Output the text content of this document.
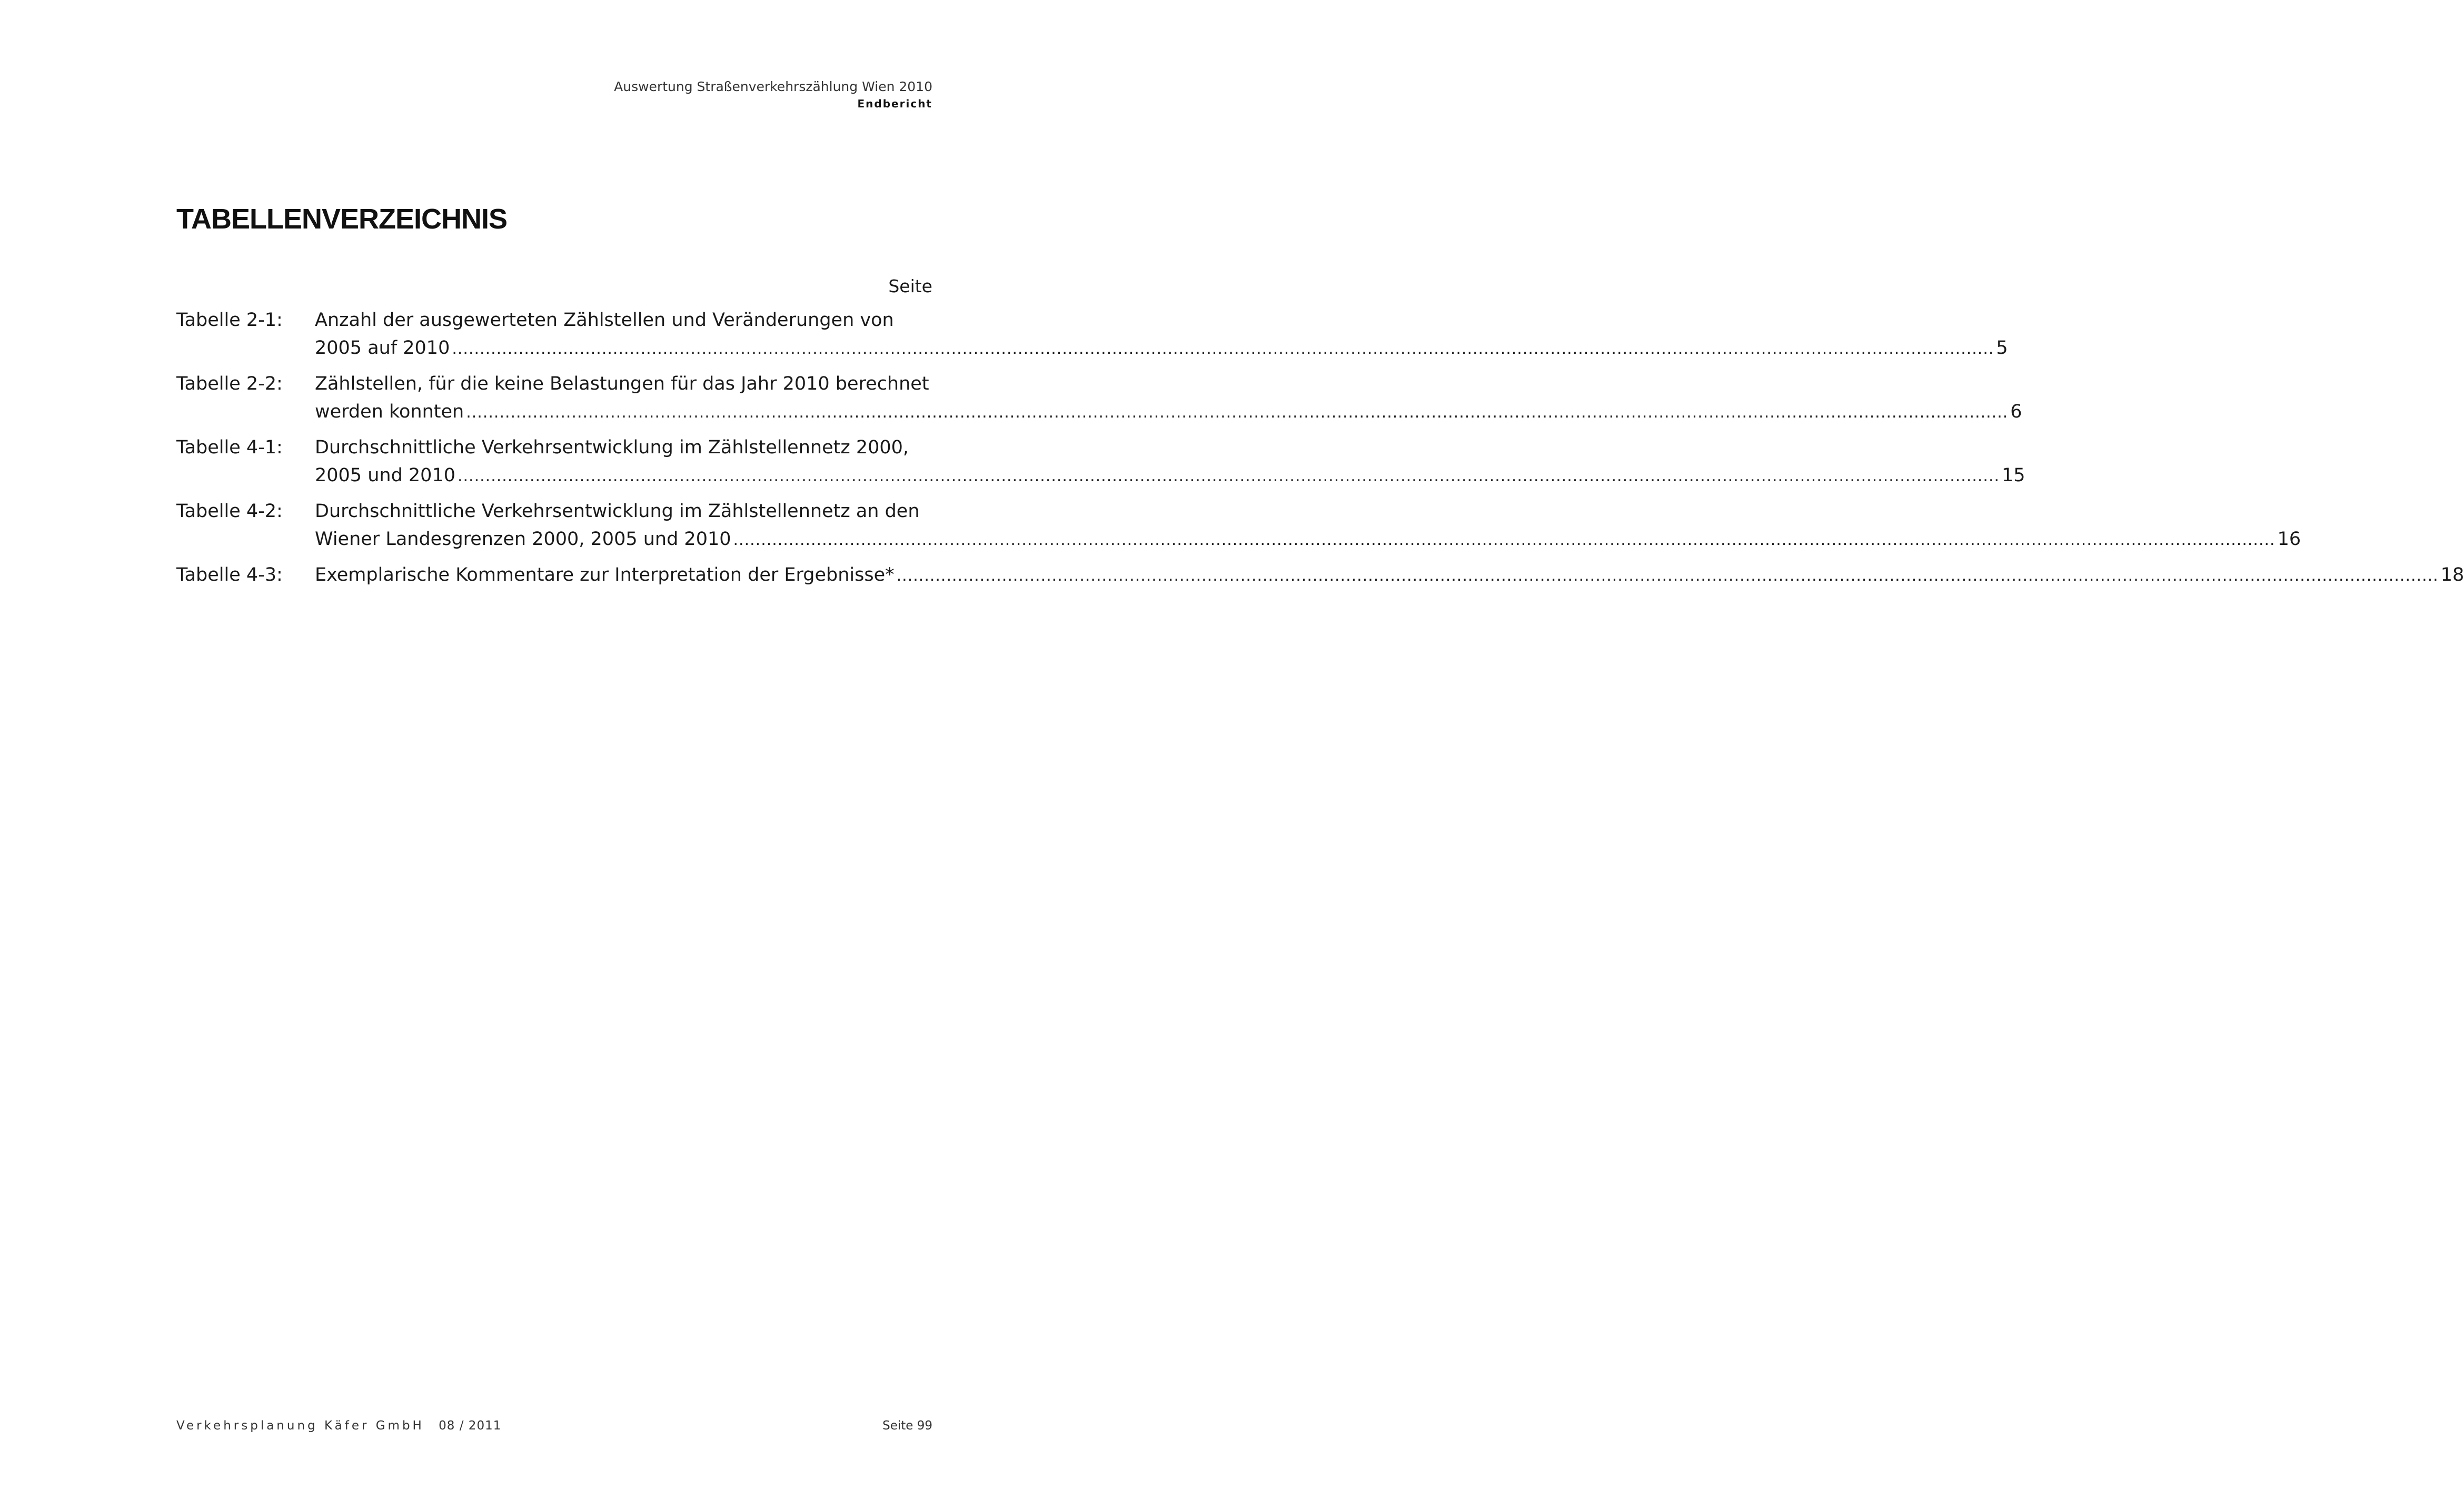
Auswertung Straßenverkehrszählung Wien 2010
Endbericht
TABELLENVERZEICHNIS
Seite
Tabelle 2-1:	Anzahl der ausgewerteten Zählstellen und Veränderungen von
2005 auf 2010 .....	5
Tabelle 2-2:	Zählstellen, für die keine Belastungen für das Jahr 2010 berechnet
werden konnten .....	6
Tabelle 4-1:	Durchschnittliche Verkehrsentwicklung im Zählstellennetz 2000,
2005 und 2010 .....	15
Tabelle 4-2:	Durchschnittliche Verkehrsentwicklung im Zählstellennetz an den
Wiener Landesgrenzen 2000, 2005 und 2010 .....	16
Tabelle 4-3:	Exemplarische Kommentare zur Interpretation der Ergebnisse* .....	18
Verkehrsplanung Käfer GmbH 08 / 2011	Seite 99
